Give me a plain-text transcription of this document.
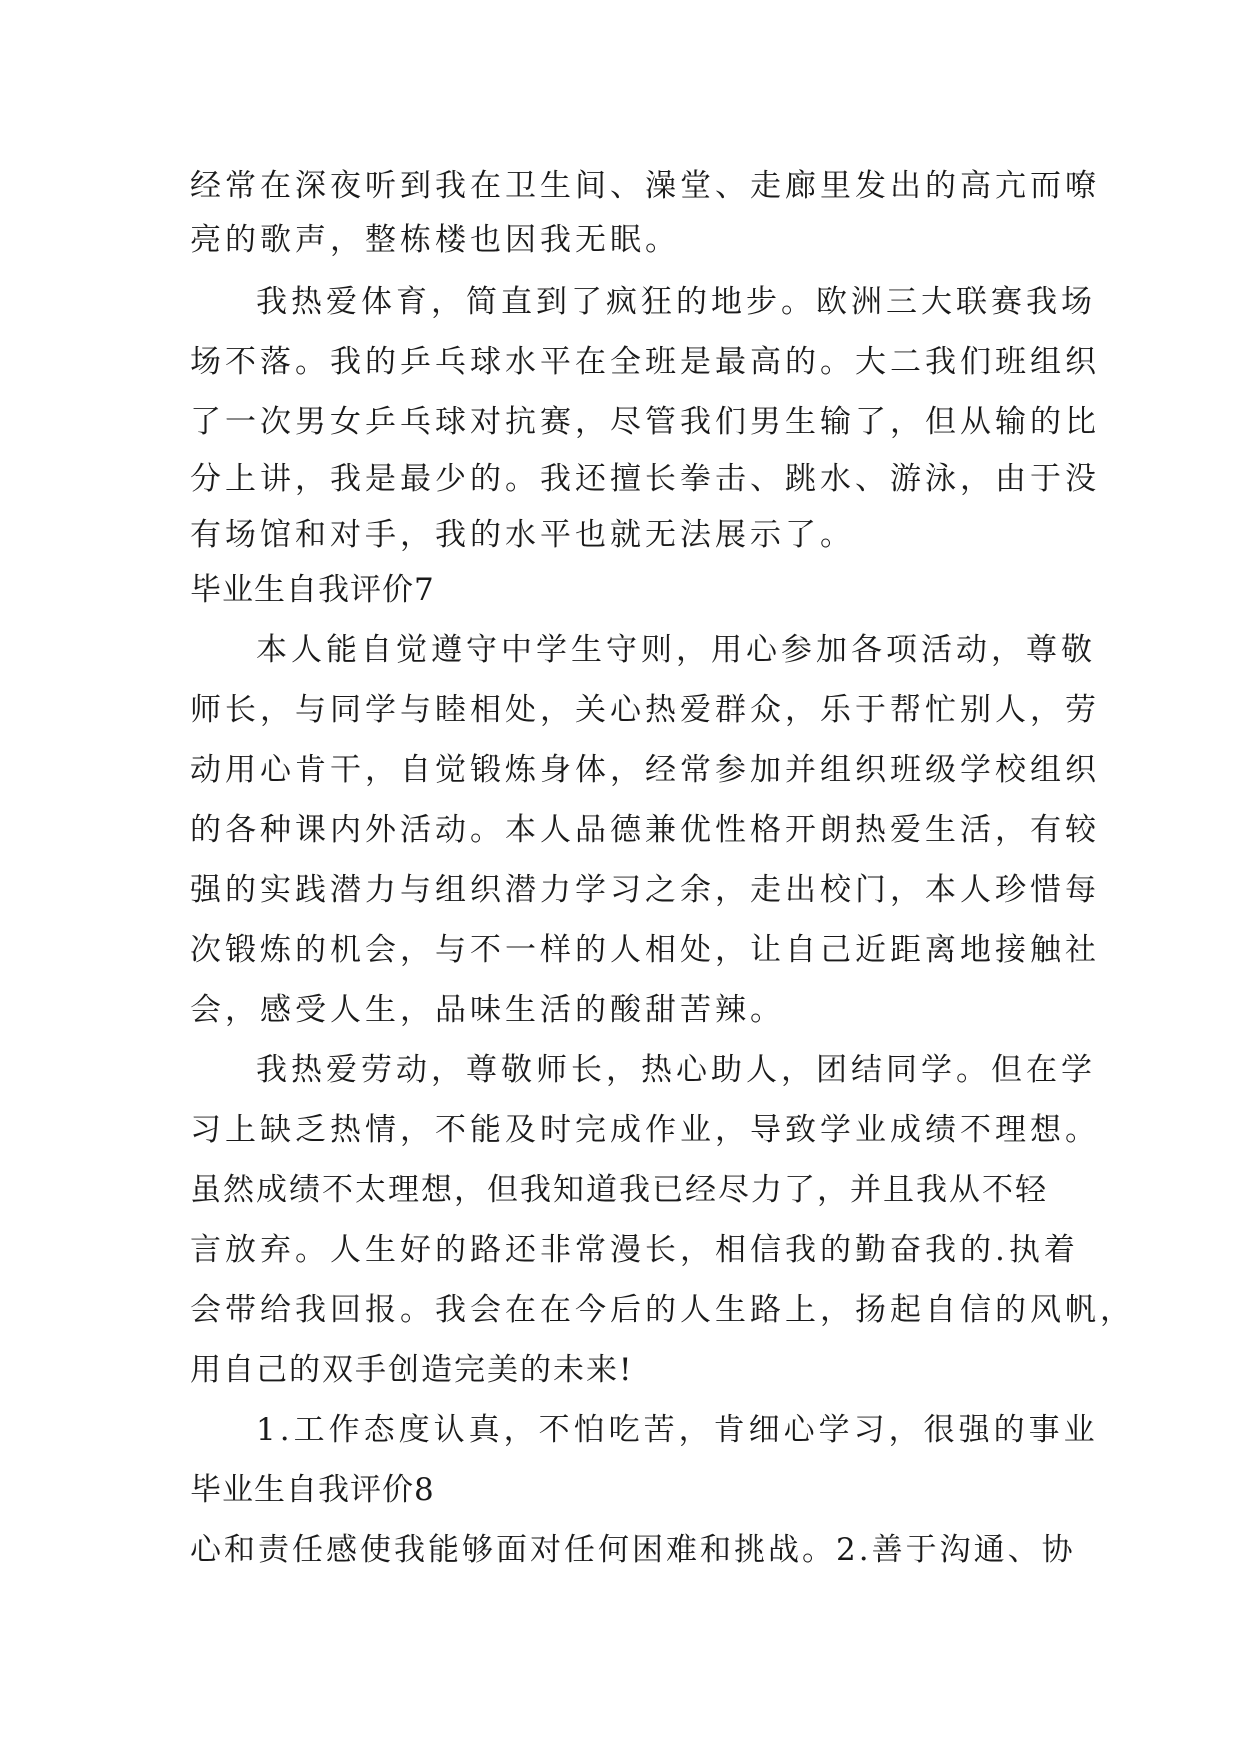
经常在深夜听到我在卫生间、澡堂、走廊里发出的高亢而嘹
亮的歌声，整栋楼也因我无眠。
我热爱体育，简直到了疯狂的地步。欧洲三大联赛我场
场不落。我的乒乓球水平在全班是最高的。大二我们班组织
了一次男女乒乓球对抗赛，尽管我们男生输了，但从输的比
分上讲，我是最少的。我还擅长拳击、跳水、游泳，由于没
有场馆和对手，我的水平也就无法展示了。
毕业生自我评价7
本人能自觉遵守中学生守则，用心参加各项活动，尊敬
师长，与同学与睦相处，关心热爱群众，乐于帮忙别人，劳
动用心肯干，自觉锻炼身体，经常参加并组织班级学校组织
的各种课内外活动。本人品德兼优性格开朗热爱生活，有较
强的实践潜力与组织潜力学习之余，走出校门，本人珍惜每
次锻炼的机会，与不一样的人相处，让自己近距离地接触社
会，感受人生，品味生活的酸甜苦辣。
我热爱劳动，尊敬师长，热心助人，团结同学。但在学
习上缺乏热情，不能及时完成作业，导致学业成绩不理想。
虽然成绩不太理想，但我知道我已经尽力了，并且我从不轻
言放弃。人生好的路还非常漫长，相信我的勤奋我的.执着
会带给我回报。我会在在今后的人生路上，扬起自信的风帆，
用自己的双手创造完美的未来!
毕业生自我评价8
1.工作态度认真，不怕吃苦，肯细心学习，很强的事业
心和责任感使我能够面对任何困难和挑战。2.善于沟通、协
